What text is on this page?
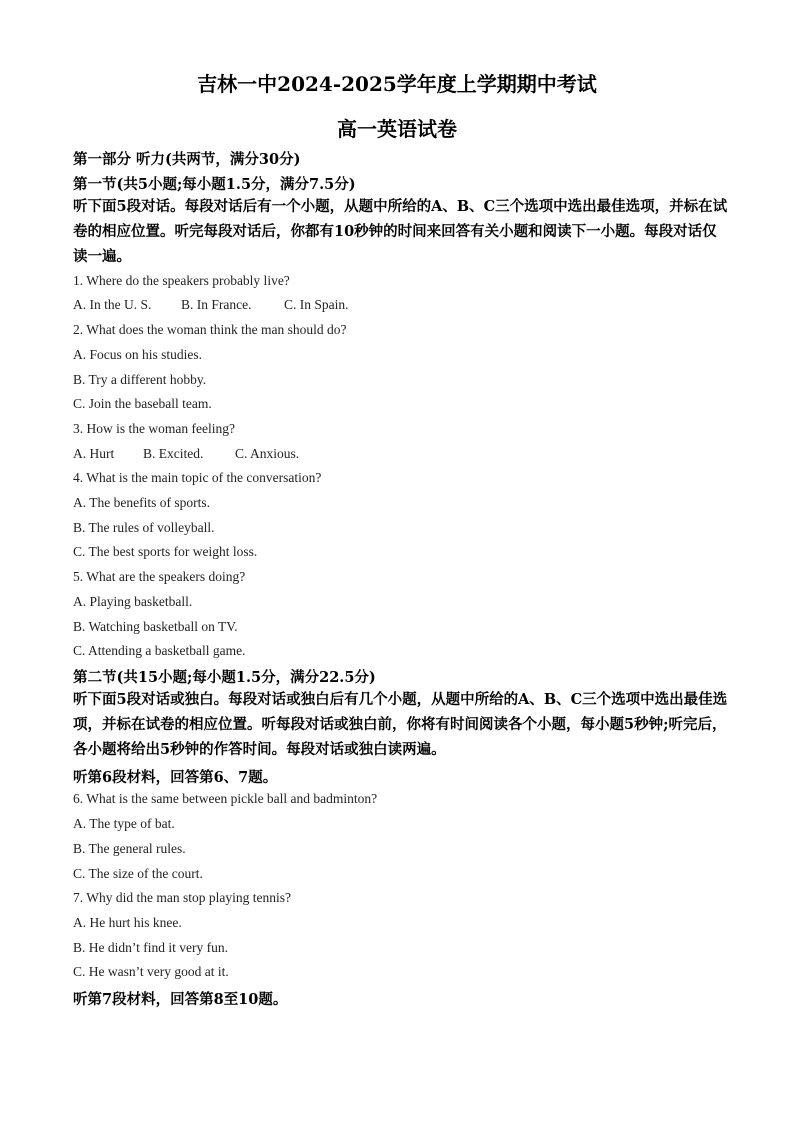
吉林一中2024-2025学年度上学期期中考试
高一英语试卷
第一部分 听力(共两节，满分30分)
第一节(共5小题;每小题1.5分，满分7.5分)
听下面5段对话。每段对话后有一个小题，从题中所给的A、B、C三个选项中选出最佳选项，并标在试卷的相应位置。听完每段对话后，你都有10秒钟的时间来回答有关小题和阅读下一小题。每段对话仅读一遍。
1. Where do the speakers probably live?
A. In the U. S. B. In France. C. In Spain.
2. What does the woman think the man should do?
A. Focus on his studies.
B. Try a different hobby.
C. Join the baseball team.
3. How is the woman feeling?
A. Hurt B. Excited. C. Anxious.
4. What is the main topic of the conversation?
A. The benefits of sports.
B. The rules of volleyball.
C. The best sports for weight loss.
5. What are the speakers doing?
A. Playing basketball.
B. Watching basketball on TV.
C. Attending a basketball game.
第二节(共15小题;每小题1.5分，满分22.5分)
听下面5段对话或独白。每段对话或独白后有几个小题，从题中所给的A、B、C三个选项中选出最佳选项，并标在试卷的相应位置。听每段对话或独白前，你将有时间阅读各个小题，每小题5秒钟;听完后，各小题将给出5秒钟的作答时间。每段对话或独白读两遍。
听第6段材料，回答第6、7题。
6. What is the same between pickle ball and badminton?
A. The type of bat.
B. The general rules.
C. The size of the court.
7. Why did the man stop playing tennis?
A. He hurt his knee.
B. He didn’t find it very fun.
C. He wasn’t very good at it.
听第7段材料，回答第8至10题。
